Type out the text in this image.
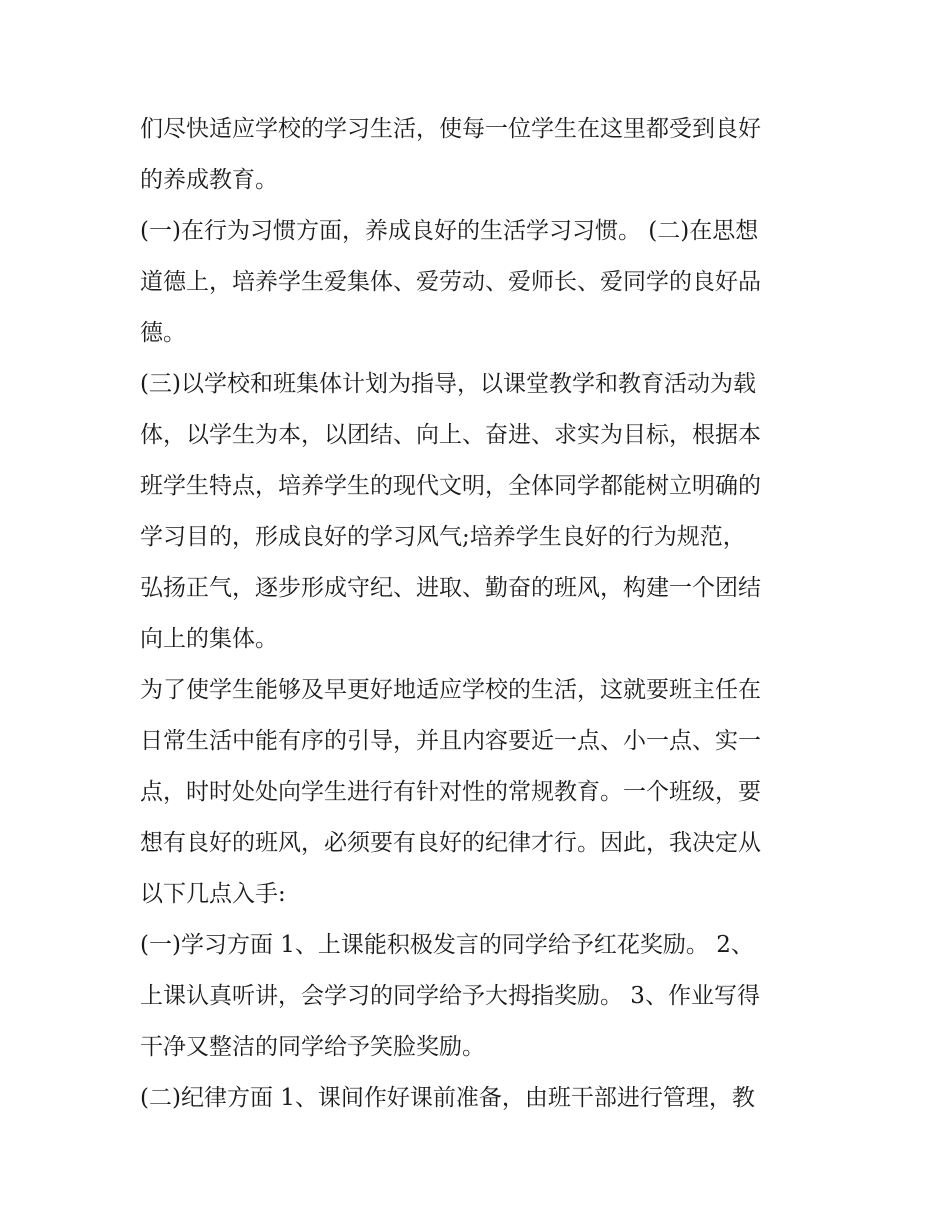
们尽快适应学校的学习生活，使每一位学生在这里都受到良好
的养成教育。
(一)在行为习惯方面，养成良好的生活学习习惯。 (二)在思想
道德上，培养学生爱集体、爱劳动、爱师长、爱同学的良好品
德。
(三)以学校和班集体计划为指导，以课堂教学和教育活动为载
体，以学生为本，以团结、向上、奋进、求实为目标，根据本
班学生特点，培养学生的现代文明，全体同学都能树立明确的
学习目的，形成良好的学习风气;培养学生良好的行为规范，
弘扬正气，逐步形成守纪、进取、勤奋的班风，构建一个团结
向上的集体。
为了使学生能够及早更好地适应学校的生活，这就要班主任在
日常生活中能有序的引导，并且内容要近一点、小一点、实一
点，时时处处向学生进行有针对性的常规教育。一个班级，要
想有良好的班风，必须要有良好的纪律才行。因此，我决定从
以下几点入手:
(一)学习方面 1、上课能积极发言的同学给予红花奖励。 2、
上课认真听讲，会学习的同学给予大拇指奖励。 3、作业写得
干净又整洁的同学给予笑脸奖励。
(二)纪律方面 1、课间作好课前准备，由班干部进行管理，教
